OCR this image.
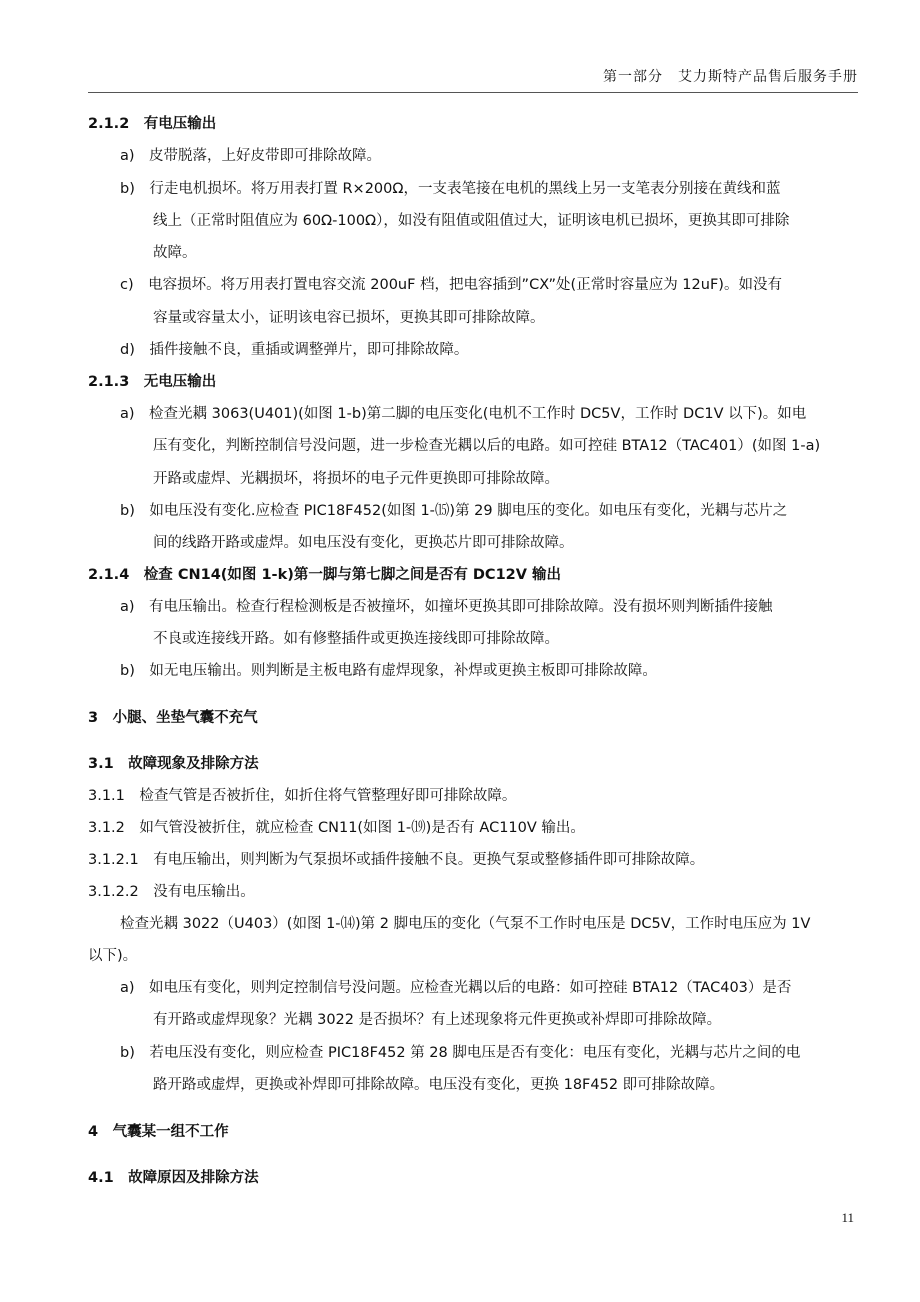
第一部分　艾力斯特产品售后服务手册
2.1.2　有电压输出
a)　皮带脱落，上好皮带即可排除故障。
b)　行走电机损坏。将万用表打置 R×200Ω，一支表笔接在电机的黑线上另一支笔表分别接在黄线和蓝
线上（正常时阻值应为 60Ω-100Ω），如没有阻值或阻值过大，证明该电机已损坏，更换其即可排除
故障。
c)　电容损坏。将万用表打置电容交流 200uF 档，把电容插到”CX”处(正常时容量应为 12uF)。如没有
容量或容量太小，证明该电容已损坏，更换其即可排除故障。
d)　插件接触不良，重插或调整弹片，即可排除故障。
2.1.3　无电压输出
a)　检查光耦 3063(U401)(如图 1-b)第二脚的电压变化(电机不工作时 DC5V，工作时 DC1V 以下)。如电
压有变化，判断控制信号没问题，进一步检查光耦以后的电路。如可控硅 BTA12（TAC401）(如图 1-a)
开路或虚焊、光耦损坏，将损坏的电子元件更换即可排除故障。
b)　如电压没有变化.应检查 PIC18F452(如图 1-⒂)第 29 脚电压的变化。如电压有变化，光耦与芯片之
间的线路开路或虚焊。如电压没有变化，更换芯片即可排除故障。
2.1.4　检查 CN14(如图 1-k)第一脚与第七脚之间是否有 DC12V 输出
a)　有电压输出。检查行程检测板是否被撞坏，如撞坏更换其即可排除故障。没有损坏则判断插件接触
不良或连接线开路。如有修整插件或更换连接线即可排除故障。
b)　如无电压输出。则判断是主板电路有虚焊现象，补焊或更换主板即可排除故障。
3　小腿、坐垫气囊不充气
3.1　故障现象及排除方法
3.1.1　检查气管是否被折住，如折住将气管整理好即可排除故障。
3.1.2　如气管没被折住，就应检查 CN11(如图 1-⒆)是否有 AC110V 输出。
3.1.2.1　有电压输出，则判断为气泵损坏或插件接触不良。更换气泵或整修插件即可排除故障。
3.1.2.2　没有电压输出。
检查光耦 3022（U403）(如图 1-⒁)第 2 脚电压的变化（气泵不工作时电压是 DC5V，工作时电压应为 1V
以下)。
a)　如电压有变化，则判定控制信号没问题。应检查光耦以后的电路：如可控硅 BTA12（TAC403）是否
有开路或虚焊现象？光耦 3022 是否损坏？有上述现象将元件更换或补焊即可排除故障。
b)　若电压没有变化，则应检查 PIC18F452 第 28 脚电压是否有变化：电压有变化，光耦与芯片之间的电
路开路或虚焊，更换或补焊即可排除故障。电压没有变化，更换 18F452 即可排除故障。
4　气囊某一组不工作
4.1　故障原因及排除方法
11
